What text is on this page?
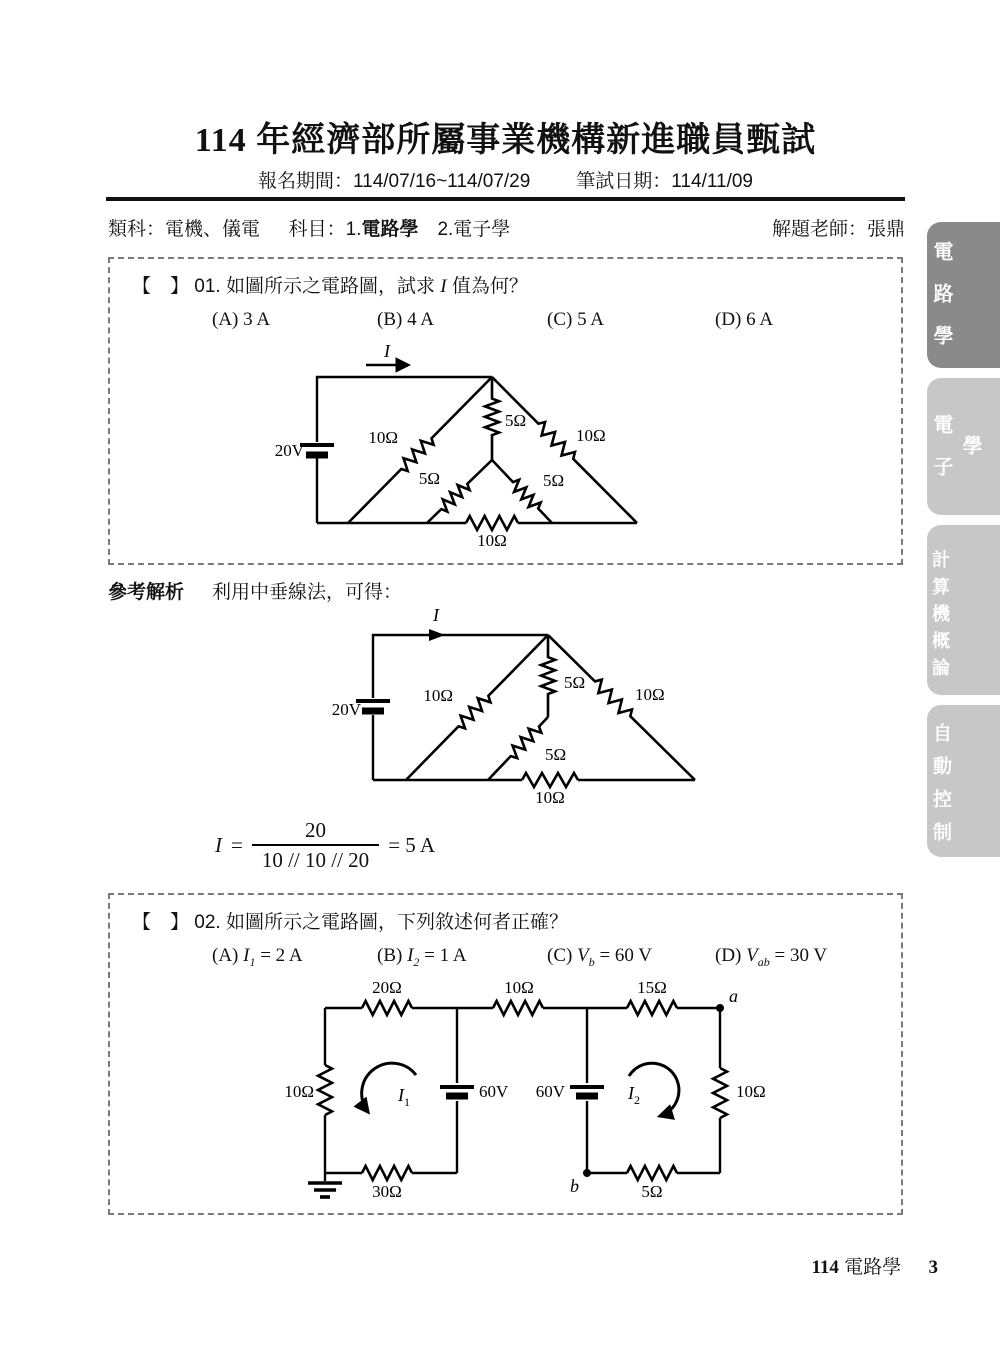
114 年經濟部所屬事業機構新進職員甄試
報名期間：114/07/16~114/07/29 筆試日期：114/11/09
類科：電機、儀電 科目：1.電路學　2.電子學	解題老師：張鼎
電路學
電子學
計算機概論
自動控制
【　】 01. 如圖所示之電路圖，試求 I 值為何？
(A) 3 A	(B) 4 A	(C) 5 A	(D) 6 A
I
20V
10Ω
5Ω
10Ω
5Ω	5Ω
10Ω
參考解析 利用中垂線法，可得：
I
20V
10Ω
5Ω
5Ω
10Ω
10Ω
$I = \frac{20}{10 // 10 // 20} = 5$ A
【　】 02. 如圖所示之電路圖，下列敘述何者正確？
(A) $I_1 = 2$ A	(B) $I_2 = 1$ A	(C) $V_b = 60$ V	(D) $V_{ab} = 30$ V
20Ω	10Ω	15Ω
10Ω	10Ω
30Ω	5Ω
60V 60V
$I_1$	$I_2$
a
b
114 電路學 3
